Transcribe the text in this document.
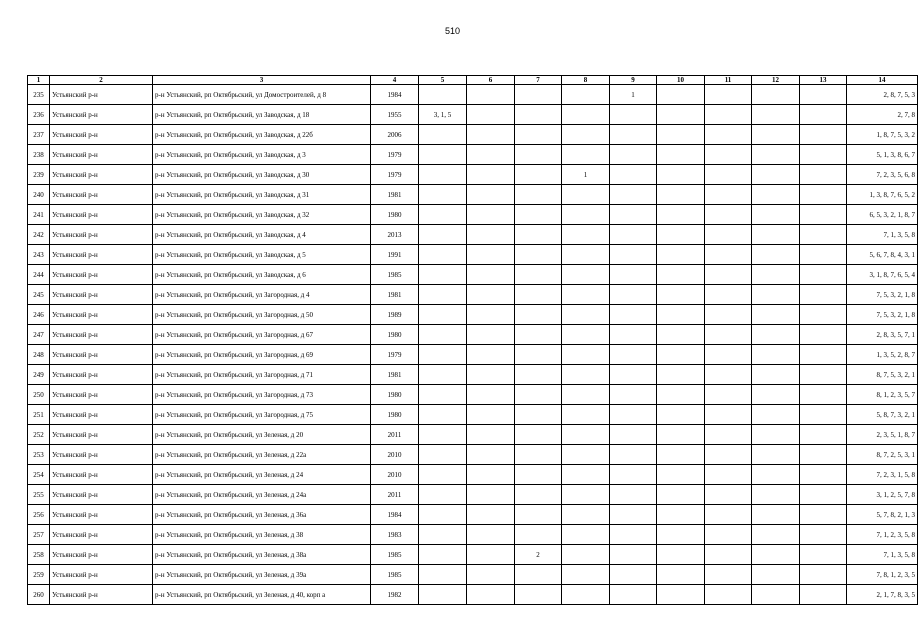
510
1	2	3	4	5	6	7	8	9	10	11	12	13	14
235	Устьянский р-н	р-н Устьянский, рп Октябрьский, ул Домостроителей, д 8	1984					1					2, 8, 7, 5, 3
236	Устьянский р-н	р-н Устьянский, рп Октябрьский, ул Заводская, д 18	1955	3, 1, 5									2, 7, 8
237	Устьянский р-н	р-н Устьянский, рп Октябрьский, ул Заводская, д 22б	2006										1, 8, 7, 5, 3, 2
238	Устьянский р-н	р-н Устьянский, рп Октябрьский, ул Заводская, д 3	1979										5, 1, 3, 8, 6, 7
239	Устьянский р-н	р-н Устьянский, рп Октябрьский, ул Заводская, д 30	1979				1						7, 2, 3, 5, 6, 8
240	Устьянский р-н	р-н Устьянский, рп Октябрьский, ул Заводская, д 31	1981										1, 3, 8, 7, 6, 5, 2
241	Устьянский р-н	р-н Устьянский, рп Октябрьский, ул Заводская, д 32	1980										6, 5, 3, 2, 1, 8, 7
242	Устьянский р-н	р-н Устьянский, рп Октябрьский, ул Заводская, д 4	2013										7, 1, 3, 5, 8
243	Устьянский р-н	р-н Устьянский, рп Октябрьский, ул Заводская, д 5	1991										5, 6, 7, 8, 4, 3, 1
244	Устьянский р-н	р-н Устьянский, рп Октябрьский, ул Заводская, д 6	1985										3, 1, 8, 7, 6, 5, 4
245	Устьянский р-н	р-н Устьянский, рп Октябрьский, ул Загородная, д 4	1981										7, 5, 3, 2, 1, 8
246	Устьянский р-н	р-н Устьянский, рп Октябрьский, ул Загородная, д 50	1989										7, 5, 3, 2, 1, 8
247	Устьянский р-н	р-н Устьянский, рп Октябрьский, ул Загородная, д 67	1980										2, 8, 3, 5, 7, 1
248	Устьянский р-н	р-н Устьянский, рп Октябрьский, ул Загородная, д 69	1979										1, 3, 5, 2, 8, 7
249	Устьянский р-н	р-н Устьянский, рп Октябрьский, ул Загородная, д 71	1981										8, 7, 5, 3, 2, 1
250	Устьянский р-н	р-н Устьянский, рп Октябрьский, ул Загородная, д 73	1980										8, 1, 2, 3, 5, 7
251	Устьянский р-н	р-н Устьянский, рп Октябрьский, ул Загородная, д 75	1980										5, 8, 7, 3, 2, 1
252	Устьянский р-н	р-н Устьянский, рп Октябрьский, ул Зеленая, д 20	2011										2, 3, 5, 1, 8, 7
253	Устьянский р-н	р-н Устьянский, рп Октябрьский, ул Зеленая, д 22а	2010										8, 7, 2, 5, 3, 1
254	Устьянский р-н	р-н Устьянский, рп Октябрьский, ул Зеленая, д 24	2010										7, 2, 3, 1, 5, 8
255	Устьянский р-н	р-н Устьянский, рп Октябрьский, ул Зеленая, д 24а	2011										3, 1, 2, 5, 7, 8
256	Устьянский р-н	р-н Устьянский, рп Октябрьский, ул Зеленая, д 36а	1984										5, 7, 8, 2, 1, 3
257	Устьянский р-н	р-н Устьянский, рп Октябрьский, ул Зеленая, д 38	1983										7, 1, 2, 3, 5, 8
258	Устьянский р-н	р-н Устьянский, рп Октябрьский, ул Зеленая, д 38а	1985			2							7, 1, 3, 5, 8
259	Устьянский р-н	р-н Устьянский, рп Октябрьский, ул Зеленая, д 39а	1985										7, 8, 1, 2, 3, 5
260	Устьянский р-н	р-н Устьянский, рп Октябрьский, ул Зеленая, д 40, корп а	1982										2, 1, 7, 8, 3, 5
